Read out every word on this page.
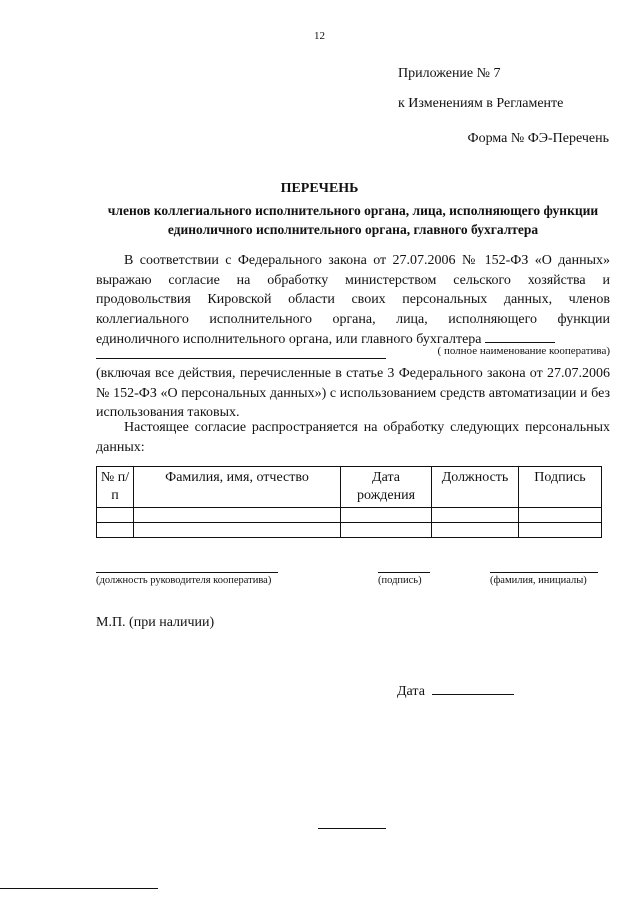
12
Приложение № 7
к Изменениям в Регламенте
Форма № ФЭ-Перечень
ПЕРЕЧЕНЬ
членов коллегиального исполнительного органа, лица, исполняющего функции единоличного исполнительного органа, главного бухгалтера
В соответствии с Федерального закона от 27.07.2006 № 152-ФЗ «О данных» выражаю согласие на обработку министерством сельского хозяйства и продовольствия Кировской области своих персональных данных, членов коллегиального исполнительного органа, лица, исполняющего функции единоличного исполнительного органа, или главного бухгалтера
( полное наименование кооператива)
(включая все действия, перечисленные в статье 3 Федерального закона от 27.07.2006 № 152-ФЗ «О персональных данных») с использованием средств автоматизации и без использования таковых.
Настоящее согласие распространяется на обработку следующих персональных данных:
№ п/п	Фамилия, имя, отчество	Дата рождения	Должность	Подпись

(должность руководителя кооператива)	(подпись)	(фамилия, инициалы)
М.П. (при наличии)
Дата
